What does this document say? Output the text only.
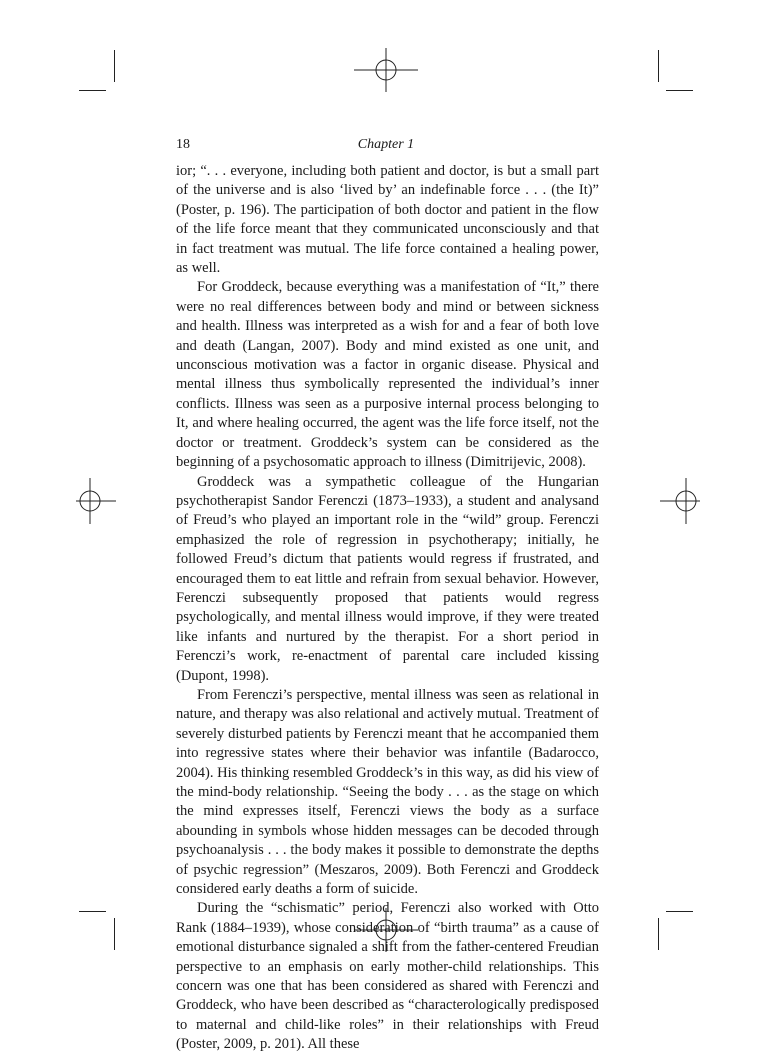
Chapter 1
18

ior; “. . . everyone, including both patient and doctor, is but a small part of the universe and is also ‘lived by’ an indefinable force . . . (the It)” (Poster, p. 196). The participation of both doctor and patient in the flow of the life force meant that they communicated unconsciously and that in fact treatment was mutual. The life force contained a healing power, as well.

For Groddeck, because everything was a manifestation of “It,” there were no real differences between body and mind or between sickness and health. Illness was interpreted as a wish for and a fear of both love and death (Langan, 2007). Body and mind existed as one unit, and unconscious motivation was a factor in organic disease. Physical and mental illness thus symbolically represented the individual’s inner conflicts. Illness was seen as a purposive internal process belonging to It, and where healing occurred, the agent was the life force itself, not the doctor or treatment. Groddeck’s system can be considered as the beginning of a psychosomatic approach to illness (Dimitrijevic, 2008).

Groddeck was a sympathetic colleague of the Hungarian psychotherapist Sandor Ferenczi (1873–1933), a student and analysand of Freud’s who played an important role in the “wild” group. Ferenczi emphasized the role of regression in psychotherapy; initially, he followed Freud’s dictum that patients would regress if frustrated, and encouraged them to eat little and refrain from sexual behavior. However, Ferenczi subsequently proposed that patients would regress psychologically, and mental illness would improve, if they were treated like infants and nurtured by the therapist. For a short period in Ferenczi’s work, re-enactment of parental care included kissing (Dupont, 1998).

From Ferenczi’s perspective, mental illness was seen as relational in nature, and therapy was also relational and actively mutual. Treatment of severely disturbed patients by Ferenczi meant that he accompanied them into regressive states where their behavior was infantile (Badarocco, 2004). His thinking resembled Groddeck’s in this way, as did his view of the mind-body relationship. “Seeing the body . . . as the stage on which the mind expresses itself, Ferenczi views the body as a surface abounding in symbols whose hidden messages can be decoded through psychoanalysis . . . the body makes it possible to demonstrate the depths of psychic regression” (Meszaros, 2009). Both Ferenczi and Groddeck considered early deaths a form of suicide.

During the “schismatic” period, Ferenczi also worked with Otto Rank (1884–1939), whose consideration of “birth trauma” as a cause of emotional disturbance signaled a shift from the father-centered Freudian perspective to an emphasis on early mother-child relationships. This concern was one that has been considered as shared with Ferenczi and Groddeck, who have been described as “characterologically predisposed to maternal and child-like roles” in their relationships with Freud (Poster, 2009, p. 201). All these
